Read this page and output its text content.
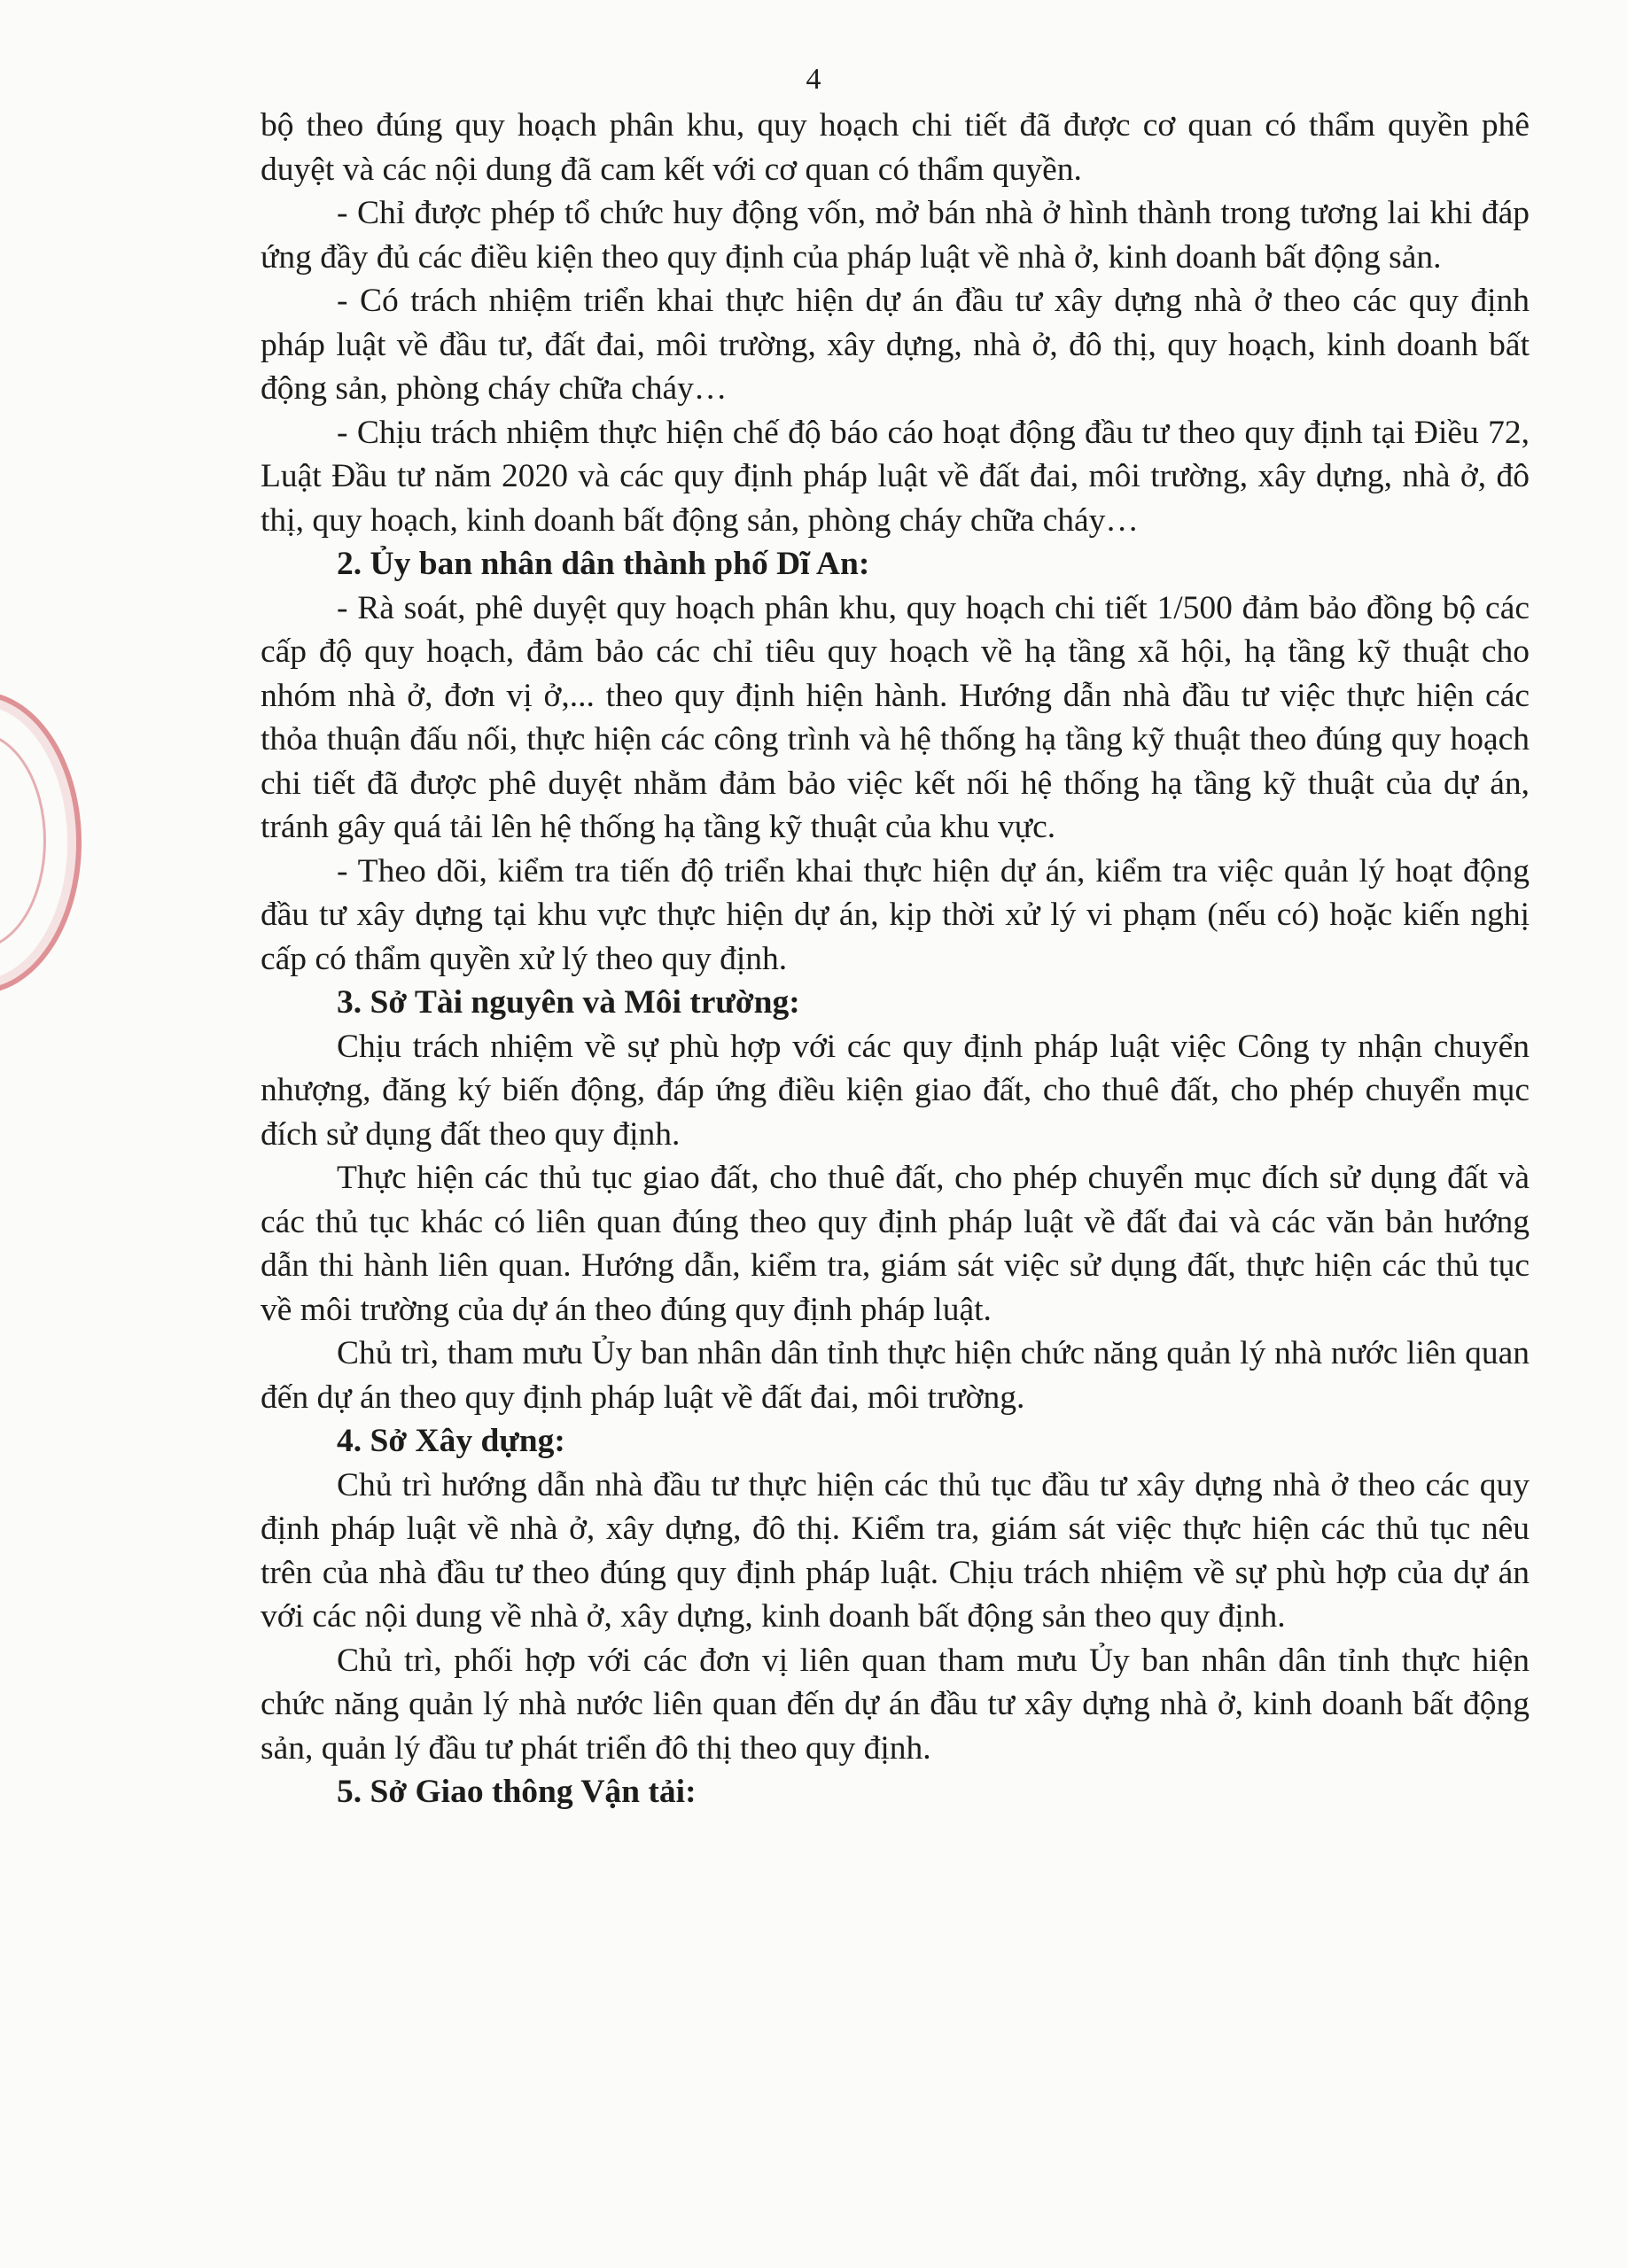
4

bộ theo đúng quy hoạch phân khu, quy hoạch chi tiết đã được cơ quan có thẩm quyền phê duyệt và các nội dung đã cam kết với cơ quan có thẩm quyền.

- Chỉ được phép tổ chức huy động vốn, mở bán nhà ở hình thành trong tương lai khi đáp ứng đầy đủ các điều kiện theo quy định của pháp luật về nhà ở, kinh doanh bất động sản.

- Có trách nhiệm triển khai thực hiện dự án đầu tư xây dựng nhà ở theo các quy định pháp luật về đầu tư, đất đai, môi trường, xây dựng, nhà ở, đô thị, quy hoạch, kinh doanh bất động sản, phòng cháy chữa cháy…

- Chịu trách nhiệm thực hiện chế độ báo cáo hoạt động đầu tư theo quy định tại Điều 72, Luật Đầu tư năm 2020 và các quy định pháp luật về đất đai, môi trường, xây dựng, nhà ở, đô thị, quy hoạch, kinh doanh bất động sản, phòng cháy chữa cháy…

2. Ủy ban nhân dân thành phố Dĩ An:

- Rà soát, phê duyệt quy hoạch phân khu, quy hoạch chi tiết 1/500 đảm bảo đồng bộ các cấp độ quy hoạch, đảm bảo các chỉ tiêu quy hoạch về hạ tầng xã hội, hạ tầng kỹ thuật cho nhóm nhà ở, đơn vị ở,... theo quy định hiện hành. Hướng dẫn nhà đầu tư việc thực hiện các thỏa thuận đấu nối, thực hiện các công trình và hệ thống hạ tầng kỹ thuật theo đúng quy hoạch chi tiết đã được phê duyệt nhằm đảm bảo việc kết nối hệ thống hạ tầng kỹ thuật của dự án, tránh gây quá tải lên hệ thống hạ tầng kỹ thuật của khu vực.

- Theo dõi, kiểm tra tiến độ triển khai thực hiện dự án, kiểm tra việc quản lý hoạt động đầu tư xây dựng tại khu vực thực hiện dự án, kịp thời xử lý vi phạm (nếu có) hoặc kiến nghị cấp có thẩm quyền xử lý theo quy định.

3. Sở Tài nguyên và Môi trường:

Chịu trách nhiệm về sự phù hợp với các quy định pháp luật việc Công ty nhận chuyển nhượng, đăng ký biến động, đáp ứng điều kiện giao đất, cho thuê đất, cho phép chuyển mục đích sử dụng đất theo quy định.

Thực hiện các thủ tục giao đất, cho thuê đất, cho phép chuyển mục đích sử dụng đất và các thủ tục khác có liên quan đúng theo quy định pháp luật về đất đai và các văn bản hướng dẫn thi hành liên quan. Hướng dẫn, kiểm tra, giám sát việc sử dụng đất, thực hiện các thủ tục về môi trường của dự án theo đúng quy định pháp luật.

Chủ trì, tham mưu Ủy ban nhân dân tỉnh thực hiện chức năng quản lý nhà nước liên quan đến dự án theo quy định pháp luật về đất đai, môi trường.

4. Sở Xây dựng:

Chủ trì hướng dẫn nhà đầu tư thực hiện các thủ tục đầu tư xây dựng nhà ở theo các quy định pháp luật về nhà ở, xây dựng, đô thị. Kiểm tra, giám sát việc thực hiện các thủ tục nêu trên của nhà đầu tư theo đúng quy định pháp luật. Chịu trách nhiệm về sự phù hợp của dự án với các nội dung về nhà ở, xây dựng, kinh doanh bất động sản theo quy định.

Chủ trì, phối hợp với các đơn vị liên quan tham mưu Ủy ban nhân dân tỉnh thực hiện chức năng quản lý nhà nước liên quan đến dự án đầu tư xây dựng nhà ở, kinh doanh bất động sản, quản lý đầu tư phát triển đô thị theo quy định.

5. Sở Giao thông Vận tải:
